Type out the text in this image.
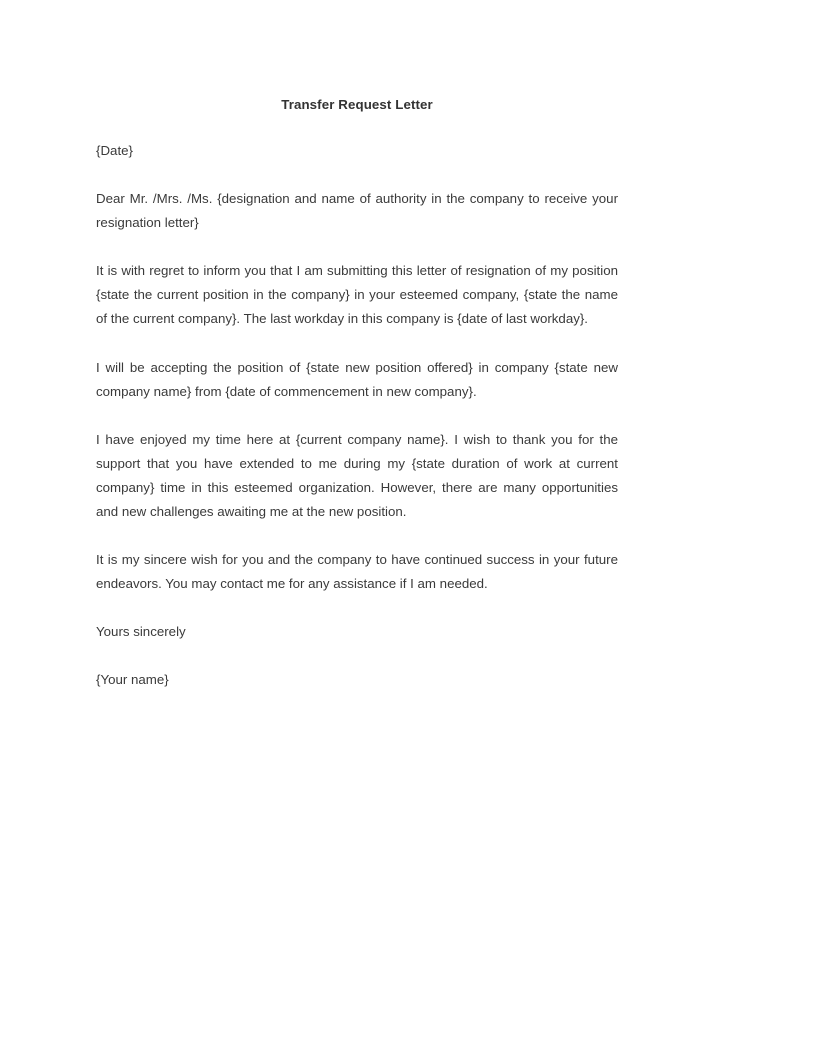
Transfer Request Letter

{Date}

Dear Mr. /Mrs. /Ms. {designation and name of authority in the company to receive your resignation letter}

It is with regret to inform you that I am submitting this letter of resignation of my position {state the current position in the company} in your esteemed company, {state the name of the current company}. The last workday in this company is {date of last workday}.

I will be accepting the position of {state new position offered} in company {state new company name} from {date of commencement in new company}.

I have enjoyed my time here at {current company name}. I wish to thank you for the support that you have extended to me during my {state duration of work at current company} time in this esteemed organization. However, there are many opportunities and new challenges awaiting me at the new position.

It is my sincere wish for you and the company to have continued success in your future endeavors. You may contact me for any assistance if I am needed.

Yours sincerely

{Your name}
